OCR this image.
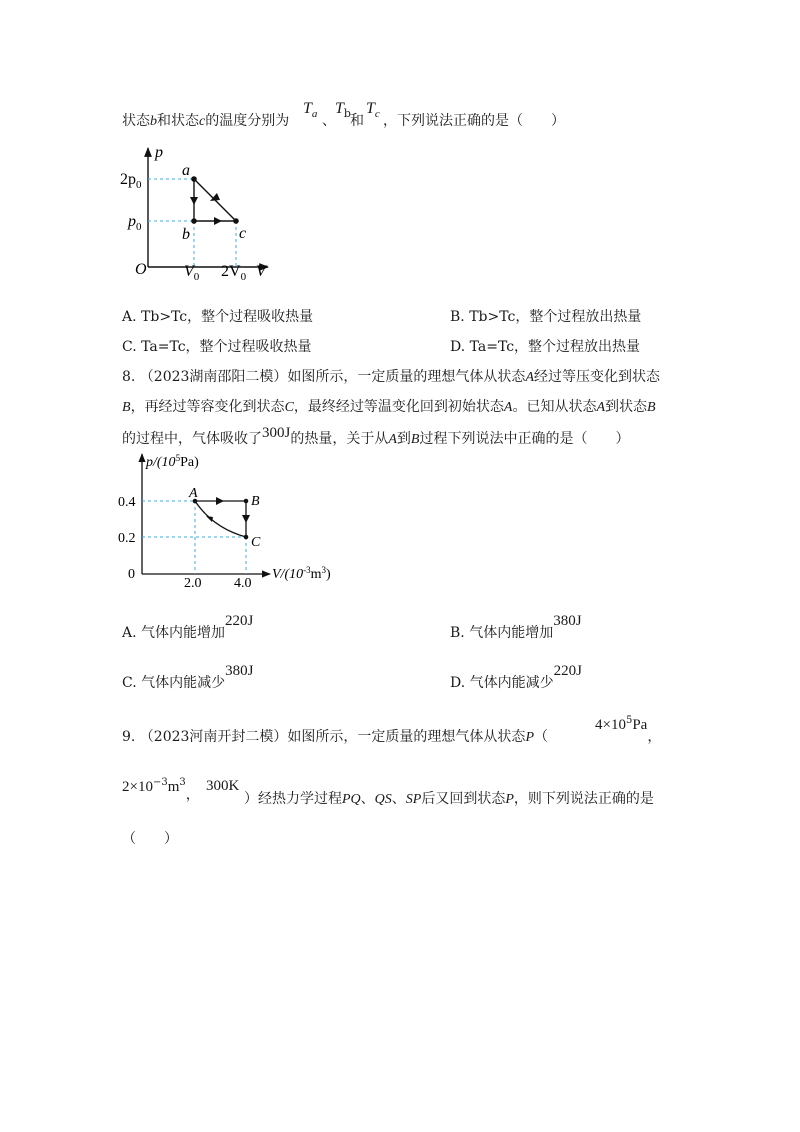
状态b和状态c的温度分别为
$T_a$ 、
$T_b$ 和
$T_c$ ，下列说法正确的是（　　）
p
$2p_0$
$p_0$
O $V_0$ $2V_0$ V
a
b	c
A. Tb>Tc，整个过程吸收热量	B. Tb>Tc，整个过程放出热量
C. Ta=Tc，整个过程吸收热量	D. Ta=Tc，整个过程放出热量
8. （2023湖南邵阳二模）如图所示，一定质量的理想气体从状态A经过等压变化到状态
B，再经过等容变化到状态C，最终经过等温变化回到初始状态A。已知从状态A到状态B
的过程中，气体吸收了300J的热量，关于从A到B过程下列说法中正确的是（　　）
$p/(10^5Pa)$
0.4
0.2
0
2.0 4.0
$V/(10^{-3}m^3)$
A
B
C
A. 气体内能增加220J
B. 气体内能增加380J
C. 气体内能减少380J
D. 气体内能减少220J
9. （2023河南开封二模）如图所示，一定质量的理想气体从状态P（
$4\times 10^5Pa$，
$2\times 10^{-3}m^3$，
300K
）经热力学过程PQ、QS、SP后又回到状态P，则下列说法正确的是
（　　）
